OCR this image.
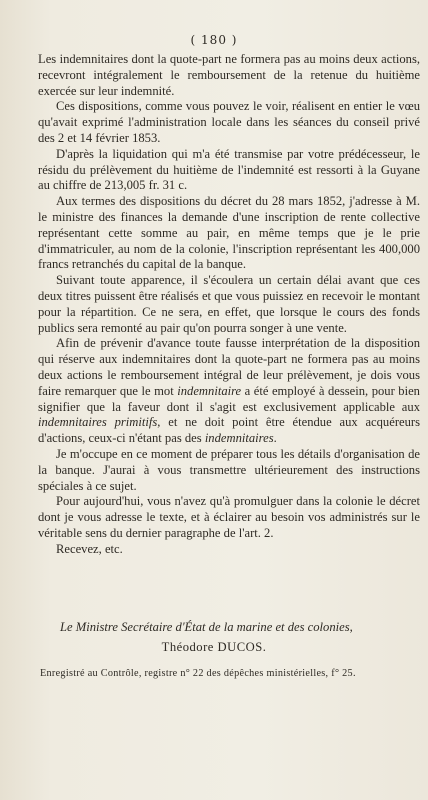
( 180 )

Les indemnitaires dont la quote-part ne formera pas au moins deux actions, recevront intégralement le remboursement de la retenue du huitième exercée sur leur indemnité.

Ces dispositions, comme vous pouvez le voir, réalisent en entier le vœu qu'avait exprimé l'administration locale dans les séances du conseil privé des 2 et 14 février 1853.

D'après la liquidation qui m'a été transmise par votre prédécesseur, le résidu du prélèvement du huitième de l'indemnité est ressorti à la Guyane au chiffre de 213,005 fr. 31 c.

Aux termes des dispositions du décret du 28 mars 1852, j'adresse à M. le ministre des finances la demande d'une inscription de rente collective représentant cette somme au pair, en même temps que je le prie d'immatriculer, au nom de la colonie, l'inscription représentant les 400,000 francs retranchés du capital de la banque.

Suivant toute apparence, il s'écoulera un certain délai avant que ces deux titres puissent être réalisés et que vous puissiez en recevoir le montant pour la répartition. Ce ne sera, en effet, que lorsque le cours des fonds publics sera remonté au pair qu'on pourra songer à une vente.

Afin de prévenir d'avance toute fausse interprétation de la disposition qui réserve aux indemnitaires dont la quote-part ne formera pas au moins deux actions le remboursement intégral de leur prélèvement, je dois vous faire remarquer que le mot indemnitaire a été employé à dessein, pour bien signifier que la faveur dont il s'agit est exclusivement applicable aux indemnitaires primitifs, et ne doit point être étendue aux acquéreurs d'actions, ceux-ci n'étant pas des indemnitaires.

Je m'occupe en ce moment de préparer tous les détails d'organisation de la banque. J'aurai à vous transmettre ultérieurement des instructions spéciales à ce sujet.

Pour aujourd'hui, vous n'avez qu'à promulguer dans la colonie le décret dont je vous adresse le texte, et à éclairer au besoin vos administrés sur le véritable sens du dernier paragraphe de l'art. 2.

Recevez, etc.

Le Ministre Secrétaire d'État de la marine et des colonies,
Théodore DUCOS.
Enregistré au Contrôle, registre n° 22 des dépêches ministérielles, f° 25.
